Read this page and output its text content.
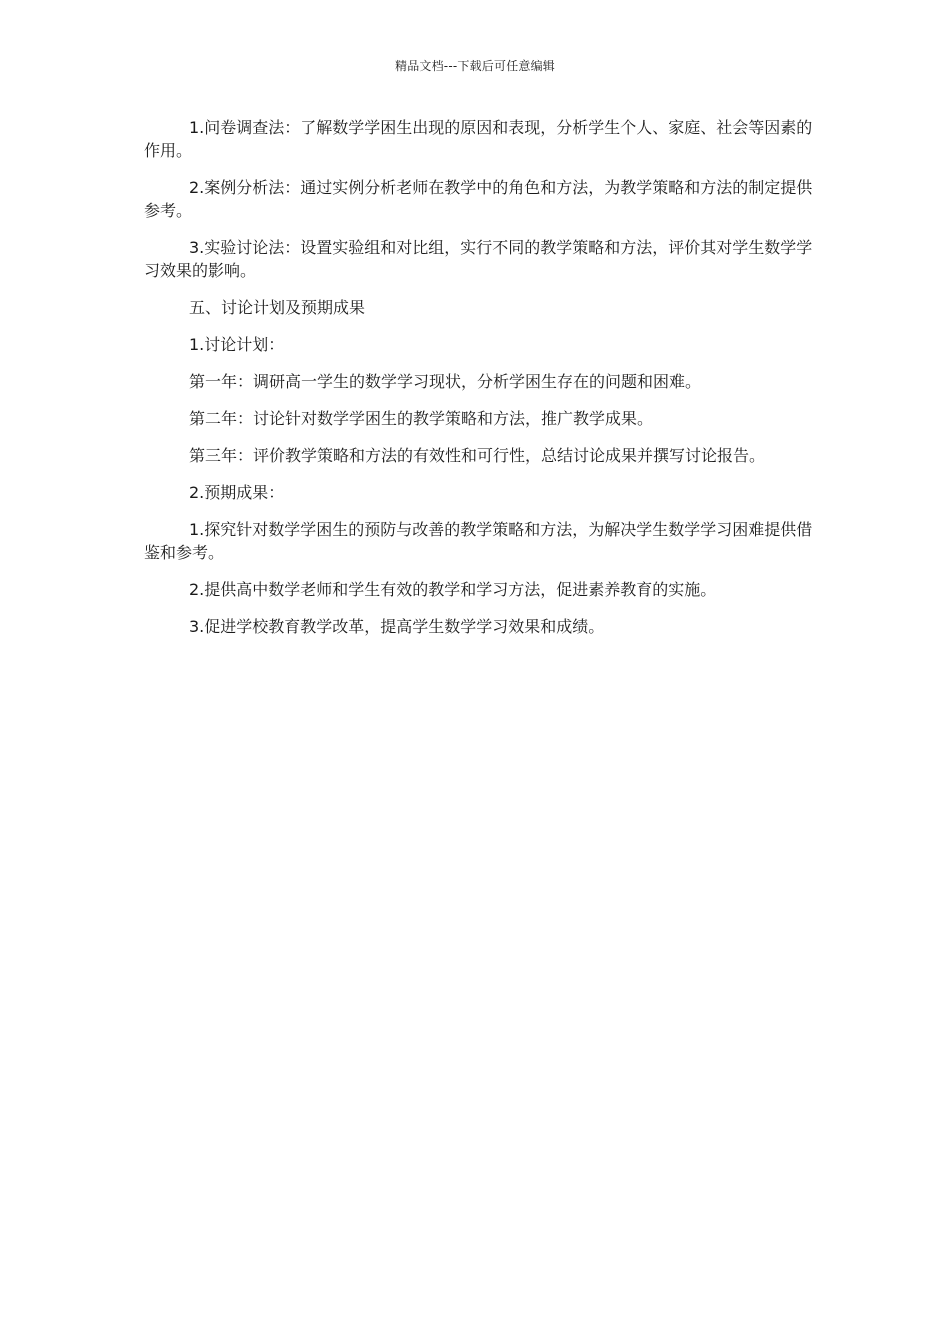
精品文档---下载后可任意编辑

1.问卷调查法：了解数学学困生出现的原因和表现，分析学生个人、家庭、社会等因素的作用。

2.案例分析法：通过实例分析老师在教学中的角色和方法，为教学策略和方法的制定提供参考。

3.实验讨论法：设置实验组和对比组，实行不同的教学策略和方法，评价其对学生数学学习效果的影响。

五、讨论计划及预期成果

1.讨论计划：

第一年：调研高一学生的数学学习现状，分析学困生存在的问题和困难。

第二年：讨论针对数学学困生的教学策略和方法，推广教学成果。

第三年：评价教学策略和方法的有效性和可行性，总结讨论成果并撰写讨论报告。

2.预期成果：

1.探究针对数学学困生的预防与改善的教学策略和方法，为解决学生数学学习困难提供借鉴和参考。

2.提供高中数学老师和学生有效的教学和学习方法，促进素养教育的实施。

3.促进学校教育教学改革，提高学生数学学习效果和成绩。
